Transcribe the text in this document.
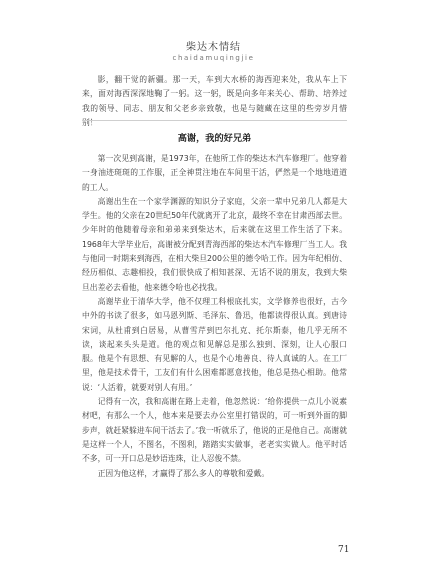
柴达木情结
chaidamuqingjie

影，翻干觉的新疆。那一天，车到大水桥的海西迎来处，我从车上下来，面对海西深深地鞠了一躬。这一躬，既是向多年来关心、帮助、培养过我的领导、同志、朋友和父老乡亲致敬，也是与随藏在这里的些旁岁月惜别！

高谢，我的好兄弟
第一次见到高谢，是1973年，在他所工作的柴达木汽车修理厂。他穿着一身油迹斑斑的工作服，正全神贯注地在车间里干活，俨然是一个地地道道的工人。
高谢出生在一个家学渊源的知识分子家庭，父亲一辈中兄弟几人都是大学生。他的父亲在20世纪50年代就离开了北京，最终不幸在甘肃西部去世。少年时的他随着母亲和弟弟来到柴达木，后来就在这里工作生活了下来。1968年大学毕业后，高谢被分配到青海西部的柴达木汽车修理厂当工人。我与他同一时期来到海西，在相大柴旦200公里的德令哈工作。因为年纪相仿、经历相似、志趣相投，我们很快成了相知甚深、无话不说的朋友，我到大柴旦出差必去看他，他来德令哈也必找我。
高谢毕业于清华大学，他不仅理工科根底扎实，文学修养也很好，古今中外的书读了很多，如马恩列斯、毛泽东、鲁迅，他都读得很认真。到唐诗宋词，从杜甫到白居易，从曹雪芹到巴尔扎克、托尔斯泰，他几乎无所不读，谈起来头头是道。他的观点和见解总是那么独到、深刻，让人心服口服。他是个有思想、有见解的人，也是个心地善良、待人真诚的人。在工厂里，他是技术骨干，工友们有什么困难都愿意找他，他总是热心相助。他常说：‘人活着，就要对别人有用。’
记得有一次，我和高谢在路上走着，他忽然说：‘给你提供一点儿小说素材吧，有那么一个人，他本来是要去办公室里打错误的，可一听到外面的脚步声，就赶紧躲进车间干活去了。’我一听就乐了，他说的正是他自己。高谢就是这样一个人，不图名，不图利，踏踏实实做事，老老实实做人。他平时话不多，可一开口总是妙语连珠，让人忍俊不禁。
正因为他这样，才赢得了那么多人的尊敬和爱戴。
71
